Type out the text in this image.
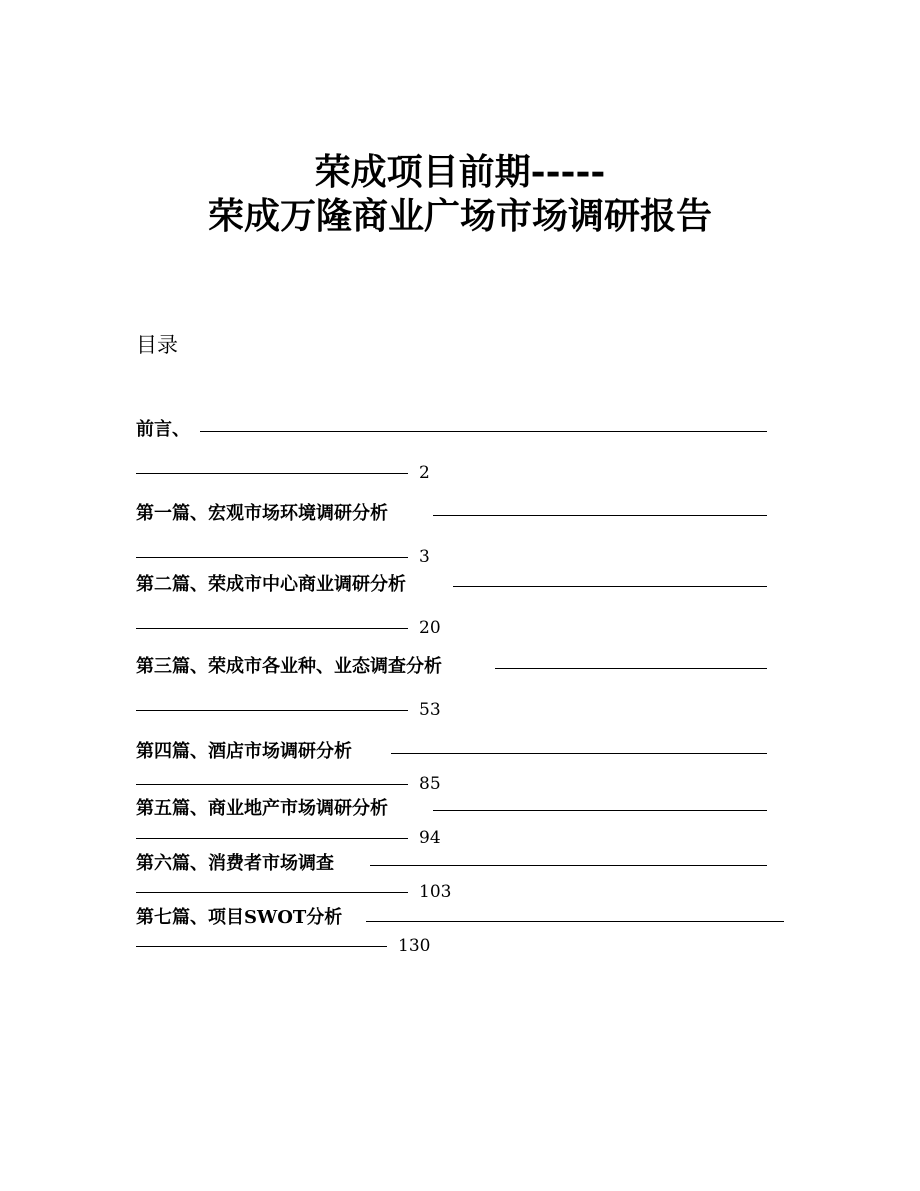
荣成项目前期-----
荣成万隆商业广场市场调研报告
目录
前言、
2
第一篇、宏观市场环境调研分析
3
第二篇、荣成市中心商业调研分析
20
第三篇、荣成市各业种、业态调查分析
53
第四篇、酒店市场调研分析
85
第五篇、商业地产市场调研分析
94
第六篇、消费者市场调查
103
第七篇、项目SWOT分析
130
